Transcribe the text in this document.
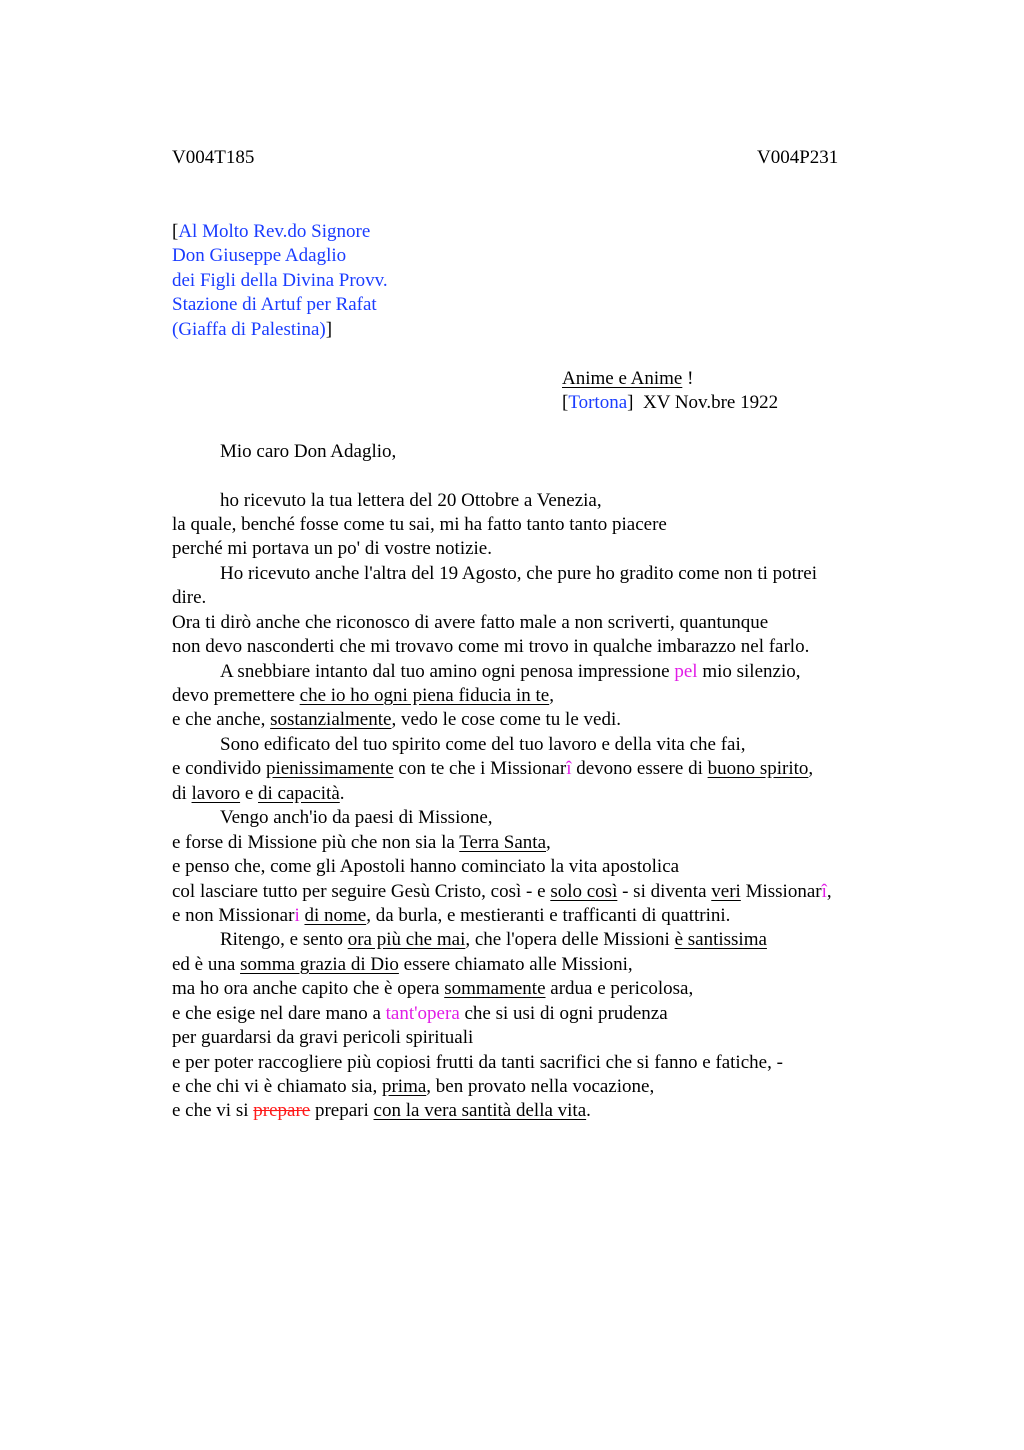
V004T185	V004P231
[Al Molto Rev.do Signore
Don Giuseppe Adaglio
dei Figli della Divina Provv.
Stazione di Artuf per Rafat
(Giaffa di Palestina)]
Anime e Anime !
[Tortona]  XV Nov.bre 1922
Mio caro Don Adaglio,
ho ricevuto la tua lettera del 20 Ottobre a Venezia,
la quale, benché fosse come tu sai, mi ha fatto tanto tanto piacere
perché mi portava un po' di vostre notizie.
Ho ricevuto anche l'altra del 19 Agosto, che pure ho gradito come non ti potrei
dire.
Ora ti dirò anche che riconosco di avere fatto male a non scriverti, quantunque
non devo nasconderti che mi trovavo come mi trovo in qualche imbarazzo nel farlo.
A snebbiare intanto dal tuo amino ogni penosa impressione pel mio silenzio,
devo premettere che io ho ogni piena fiducia in te,
e che anche, sostanzialmente, vedo le cose come tu le vedi.
Sono edificato del tuo spirito come del tuo lavoro e della vita che fai,
e condivido pienissimamente con te che i Missionarî devono essere di buono spirito,
di lavoro e di capacità.
Vengo anch'io da paesi di Missione,
e forse di Missione più che non sia la Terra Santa,
e penso che, come gli Apostoli hanno cominciato la vita apostolica
col lasciare tutto per seguire Gesù Cristo, così - e solo così - si diventa veri Missionarî,
e non Missionari di nome, da burla, e mestieranti e trafficanti di quattrini.
Ritengo, e sento ora più che mai, che l'opera delle Missioni è santissima
ed è una somma grazia di Dio essere chiamato alle Missioni,
ma ho ora anche capito che è opera sommamente ardua e pericolosa,
e che esige nel dare mano a tant'opera che si usi di ogni prudenza
per guardarsi da gravi pericoli spirituali
e per poter raccogliere più copiosi frutti da tanti sacrifici che si fanno e fatiche, -
e che chi vi è chiamato sia, prima, ben provato nella vocazione,
e che vi si prepare prepari con la vera santità della vita.
